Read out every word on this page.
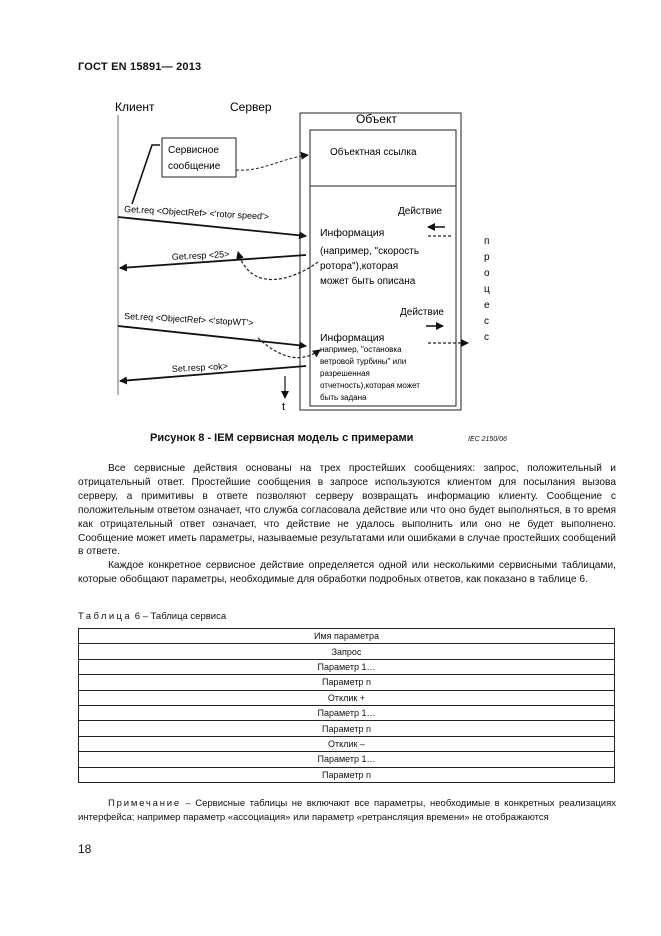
ГОСТ EN 15891— 2013
Клиент	Сервер
Объект
Объектная ссылка
Сервисное
сообщение
t
Get.req <ObjectRef> <'rotor speed'>
Get.resp <25>
Set.req <ObjectRef> <'stopWT'>
Set.resp <ok>
Действие
Информация
(например, "скорость
ротора"),которая
может быть описана
Действие
Информация
например, "остановка
ветровой турбины" или
разрешенная
отчетность),которая может
быть задана
п
р
о
ц
е
с
с
Рисунок 8 - IEM сервисная модель с примерами	IEC 2150/06

Все сервисные действия основаны на трех простейших сообщениях: запрос, положительный и отрицательный ответ. Простейшие сообщения в запросе используются клиентом для посылания вызова серверу, а примитивы в ответе позволяют серверу возвращать информацию клиенту. Сообщение с положительным ответом означает, что служба согласовала действие или что оно будет выполняться, в то время как отрицательный ответ означает, что действие не удалось выполнить или оно не будет выполнено. Сообщение может иметь параметры, называемые результатами или ошибками в случае простейших сообщений в ответе.

Каждое конкретное сервисное действие определяется одной или несколькими сервисными таблицами, которые обобщают параметры, необходимые для обработки подробных ответов, как показано в таблице 6.

Таблица 6 – Таблица сервиса
Имя параметра
Запрос
Параметр 1…
Параметр n
Отклик +
Параметр 1…
Параметр n
Отклик –
Параметр 1…
Параметр n
Примечание – Сервисные таблицы не включают все параметры, необходимые в конкретных реализациях интерфейса; например параметр «ассоциация» или параметр «ретрансляция времени» не отображаются
18
